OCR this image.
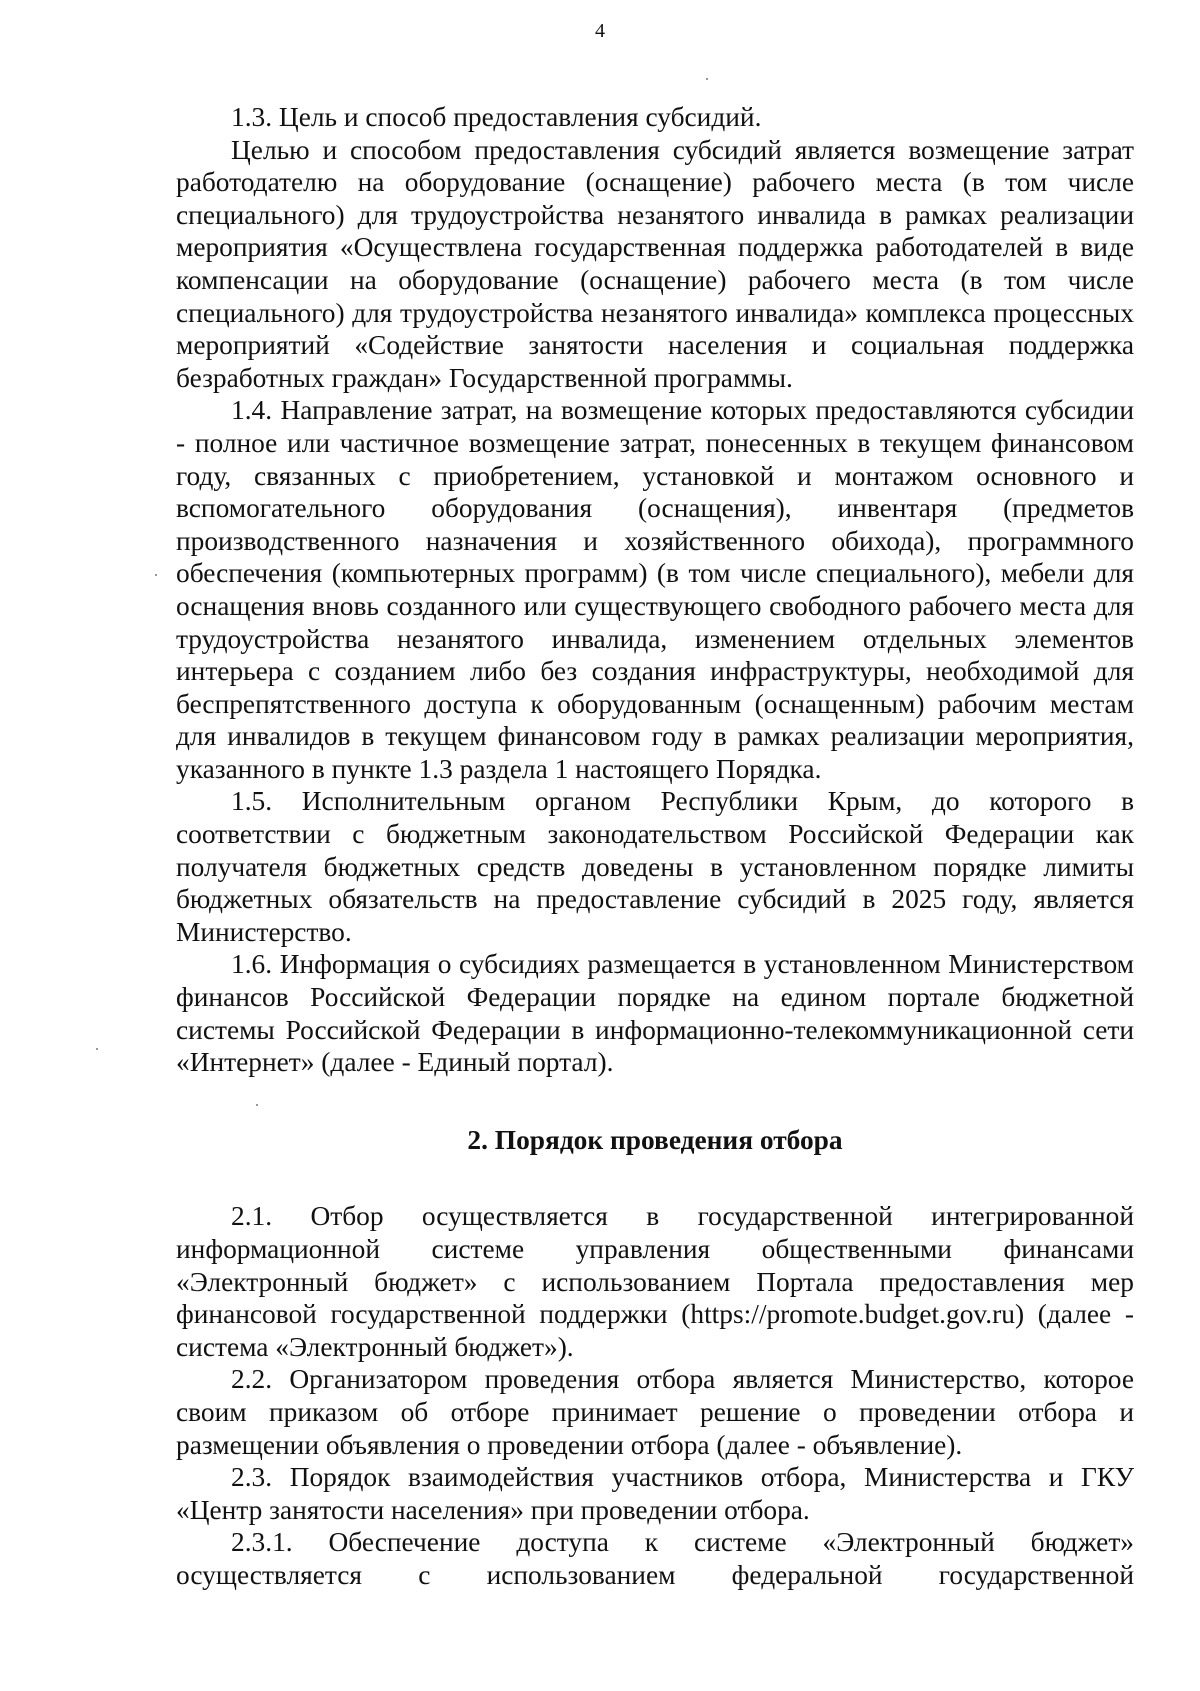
4

1.3. Цель и способ предоставления субсидий.

Целью и способом предоставления субсидий является возмещение затрат работодателю на оборудование (оснащение) рабочего места (в том числе специального) для трудоустройства незанятого инвалида в рамках реализации мероприятия «Осуществлена государственная поддержка работодателей в виде компенсации на оборудование (оснащение) рабочего места (в том числе специального) для трудоустройства незанятого инвалида» комплекса процессных мероприятий «Содействие занятости населения и социальная поддержка безработных граждан» Государственной программы.

1.4. Направление затрат, на возмещение которых предоставляются субсидии - полное или частичное возмещение затрат, понесенных в текущем финансовом году, связанных с приобретением, установкой и монтажом основного и вспомогательного оборудования (оснащения), инвентаря (предметов производственного назначения и хозяйственного обихода), программного обеспечения (компьютерных программ) (в том числе специального), мебели для оснащения вновь созданного или существующего свободного рабочего места для трудоустройства незанятого инвалида, изменением отдельных элементов интерьера с созданием либо без создания инфраструктуры, необходимой для беспрепятственного доступа к оборудованным (оснащенным) рабочим местам для инвалидов в текущем финансовом году в рамках реализации мероприятия, указанного в пункте 1.3 раздела 1 настоящего Порядка.

1.5. Исполнительным органом Республики Крым, до которого в соответствии с бюджетным законодательством Российской Федерации как получателя бюджетных средств доведены в установленном порядке лимиты бюджетных обязательств на предоставление субсидий в 2025 году, является Министерство.

1.6. Информация о субсидиях размещается в установленном Министерством финансов Российской Федерации порядке на едином портале бюджетной системы Российской Федерации в информационно-телекоммуникационной сети «Интернет» (далее - Единый портал).

2. Порядок проведения отбора

2.1. Отбор осуществляется в государственной интегрированной информационной системе управления общественными финансами «Электронный бюджет» с использованием Портала предоставления мер финансовой государственной поддержки (https://promote.budget.gov.ru) (далее - система «Электронный бюджет»).

2.2. Организатором проведения отбора является Министерство, которое своим приказом об отборе принимает решение о проведении отбора и размещении объявления о проведении отбора (далее - объявление).

2.3. Порядок взаимодействия участников отбора, Министерства и ГКУ «Центр занятости населения» при проведении отбора.

2.3.1. Обеспечение доступа к системе «Электронный бюджет» осуществляется с использованием федеральной государственной
